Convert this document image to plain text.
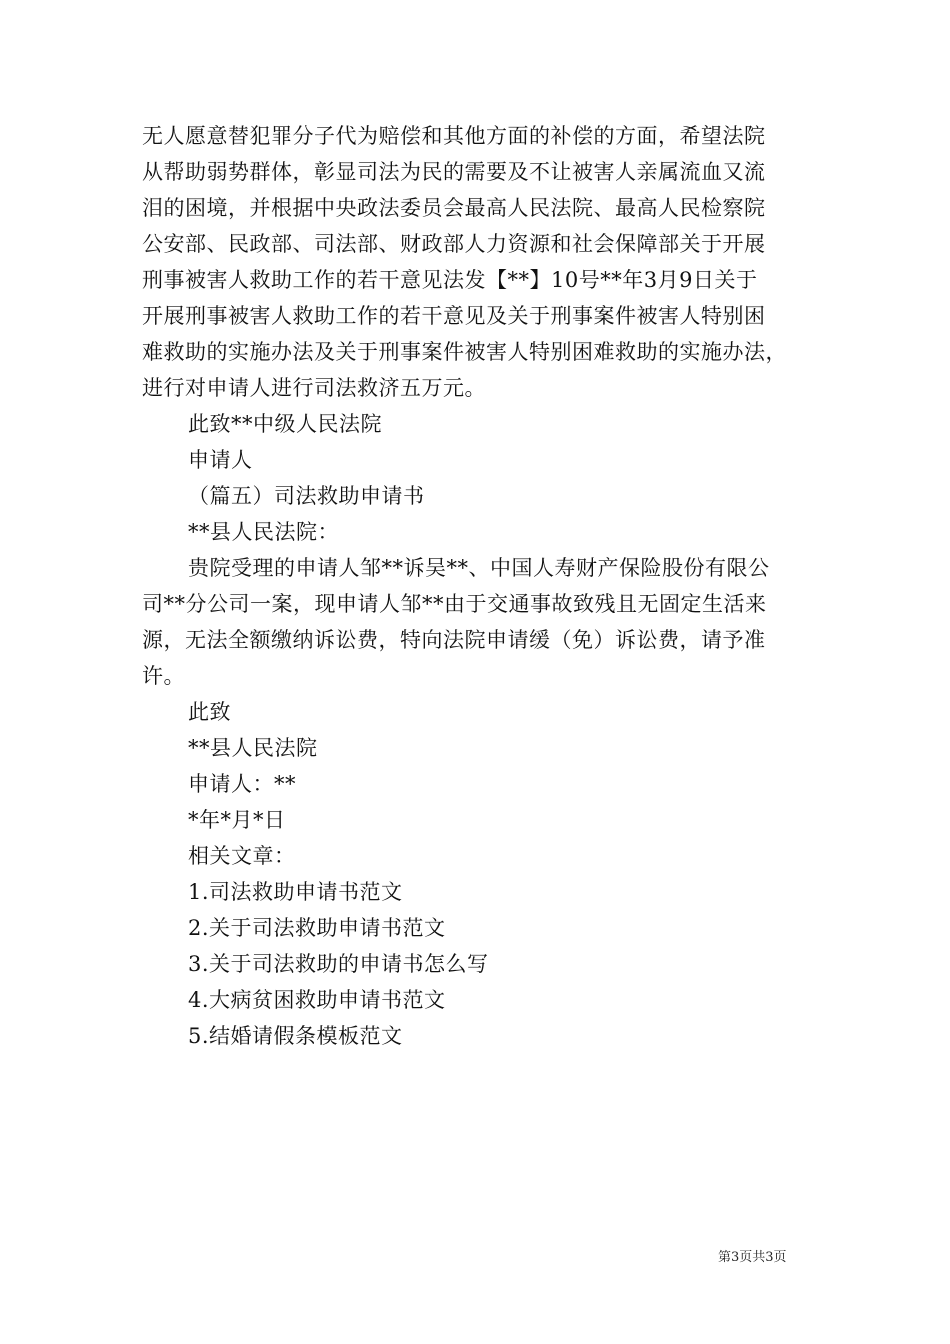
无人愿意替犯罪分子代为赔偿和其他方面的补偿的方面，希望法院
从帮助弱势群体，彰显司法为民的需要及不让被害人亲属流血又流
泪的困境，并根据中央政法委员会最高人民法院、最高人民检察院
公安部、民政部、司法部、财政部人力资源和社会保障部关于开展
刑事被害人救助工作的若干意见法发【**】10号**年3月9日关于
开展刑事被害人救助工作的若干意见及关于刑事案件被害人特别困
难救助的实施办法及关于刑事案件被害人特别困难救助的实施办法，
进行对申请人进行司法救济五万元。
此致**中级人民法院
申请人
（篇五）司法救助申请书
**县人民法院：
贵院受理的申请人邹**诉吴**、中国人寿财产保险股份有限公
司**分公司一案，现申请人邹**由于交通事故致残且无固定生活来
源，无法全额缴纳诉讼费，特向法院申请缓（免）诉讼费，请予准
许。
此致
**县人民法院
申请人：**
*年*月*日
相关文章：
1.司法救助申请书范文
2.关于司法救助申请书范文
3.关于司法救助的申请书怎么写
4.大病贫困救助申请书范文
5.结婚请假条模板范文
第3页共3页
